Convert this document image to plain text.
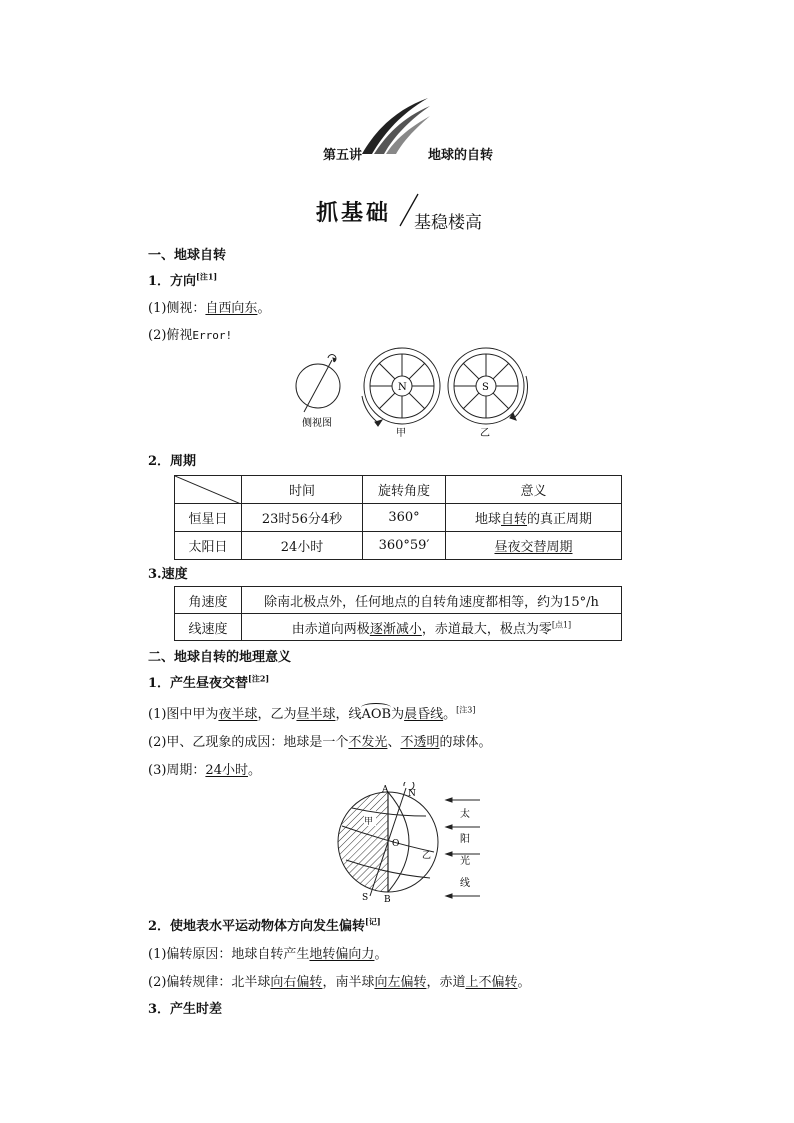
第五讲	地球的自转
抓基础 基稳楼高
一、地球自转
1．方向[注1]
(1)侧视：自西向东。
(2)俯视Error!
N	S
侧视图
甲	乙
2．周期
	时间	旋转角度	意义
恒星日	23时56分4秒	360°	地球自转的真正周期
太阳日	24小时	360°59′	昼夜交替周期
3.速度
角速度	除南北极点外，任何地点的自转角速度都相等，约为15°/h
线速度	由赤道向两极逐渐减小，赤道最大，极点为零[点1]
二、地球自转的地理意义
1．产生昼夜交替[注2]
(1)图中甲为夜半球，乙为昼半球，线AOB为晨昏线。[注3]
(2)甲、乙现象的成因：地球是一个不发光、不透明的球体。
(3)周期：24小时。
A N
O
S B
甲
乙
太
阳
光
线
2．使地表水平运动物体方向发生偏转[记]
(1)偏转原因：地球自转产生地转偏向力。
(2)偏转规律：北半球向右偏转，南半球向左偏转，赤道上不偏转。
3．产生时差
